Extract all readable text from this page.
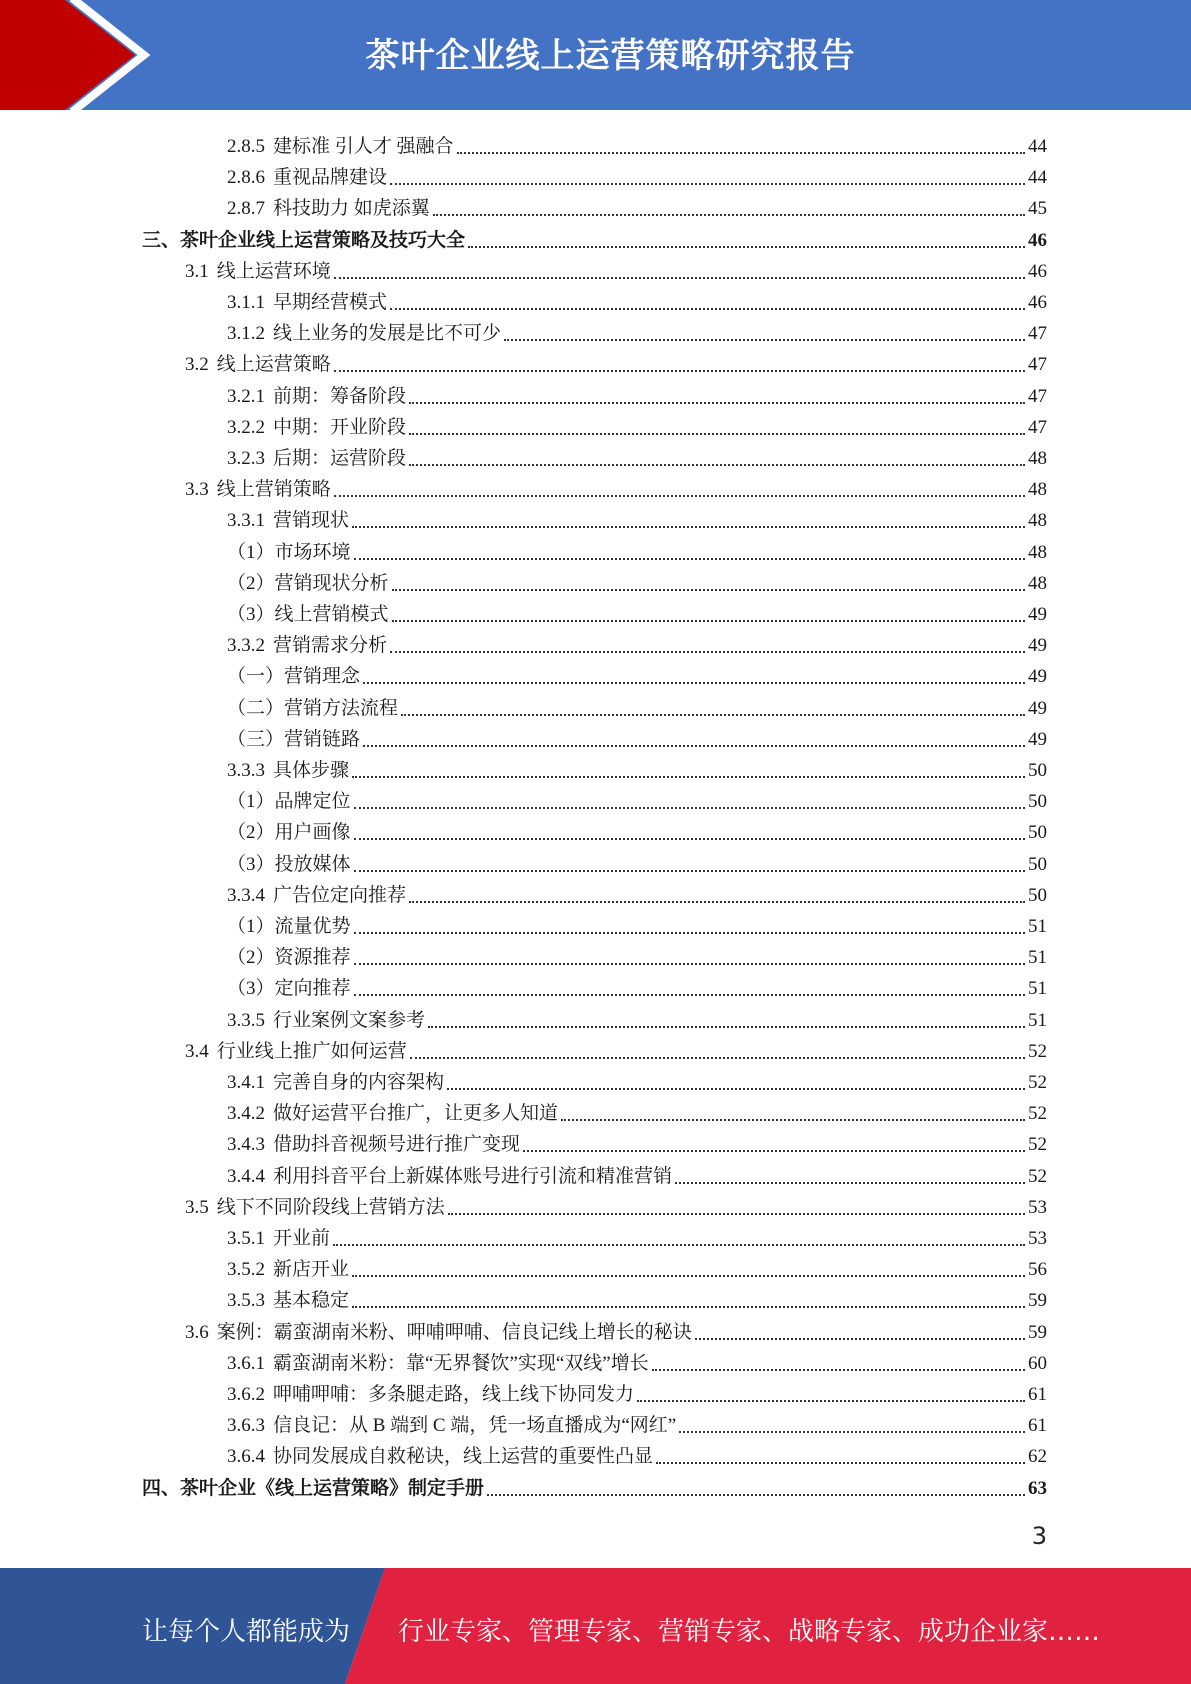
茶叶企业线上运营策略研究报告
2.8.5 建标准 引人才 强融合	44
2.8.6 重视品牌建设	44
2.8.7 科技助力 如虎添翼	45
三、茶叶企业线上运营策略及技巧大全	46
3.1 线上运营环境	46
3.1.1 早期经营模式	46
3.1.2 线上业务的发展是比不可少	47
3.2 线上运营策略	47
3.2.1 前期：筹备阶段	47
3.2.2 中期：开业阶段	47
3.2.3 后期：运营阶段	48
3.3 线上营销策略	48
3.3.1 营销现状	48
（1）市场环境	48
（2）营销现状分析	48
（3）线上营销模式	49
3.3.2 营销需求分析	49
（一）营销理念	49
（二）营销方法流程	49
（三）营销链路	49
3.3.3 具体步骤	50
（1）品牌定位	50
（2）用户画像	50
（3）投放媒体	50
3.3.4 广告位定向推荐	50
（1）流量优势	51
（2）资源推荐	51
（3）定向推荐	51
3.3.5 行业案例文案参考	51
3.4 行业线上推广如何运营	52
3.4.1 完善自身的内容架构	52
3.4.2 做好运营平台推广，让更多人知道	52
3.4.3 借助抖音视频号进行推广变现	52
3.4.4 利用抖音平台上新媒体账号进行引流和精准营销	52
3.5 线下不同阶段线上营销方法	53
3.5.1 开业前	53
3.5.2 新店开业	56
3.5.3 基本稳定	59
3.6 案例：霸蛮湖南米粉、呷哺呷哺、信良记线上增长的秘诀	59
3.6.1 霸蛮湖南米粉：靠“无界餐饮”实现“双线”增长	60
3.6.2 呷哺呷哺：多条腿走路，线上线下协同发力	61
3.6.3 信良记：从 B 端到 C 端，凭一场直播成为“网红”	61
3.6.4 协同发展成自救秘诀，线上运营的重要性凸显	62
四、茶叶企业《线上运营策略》制定手册	63
3
让每个人都能成为 行业专家、管理专家、营销专家、战略专家、成功企业家……
